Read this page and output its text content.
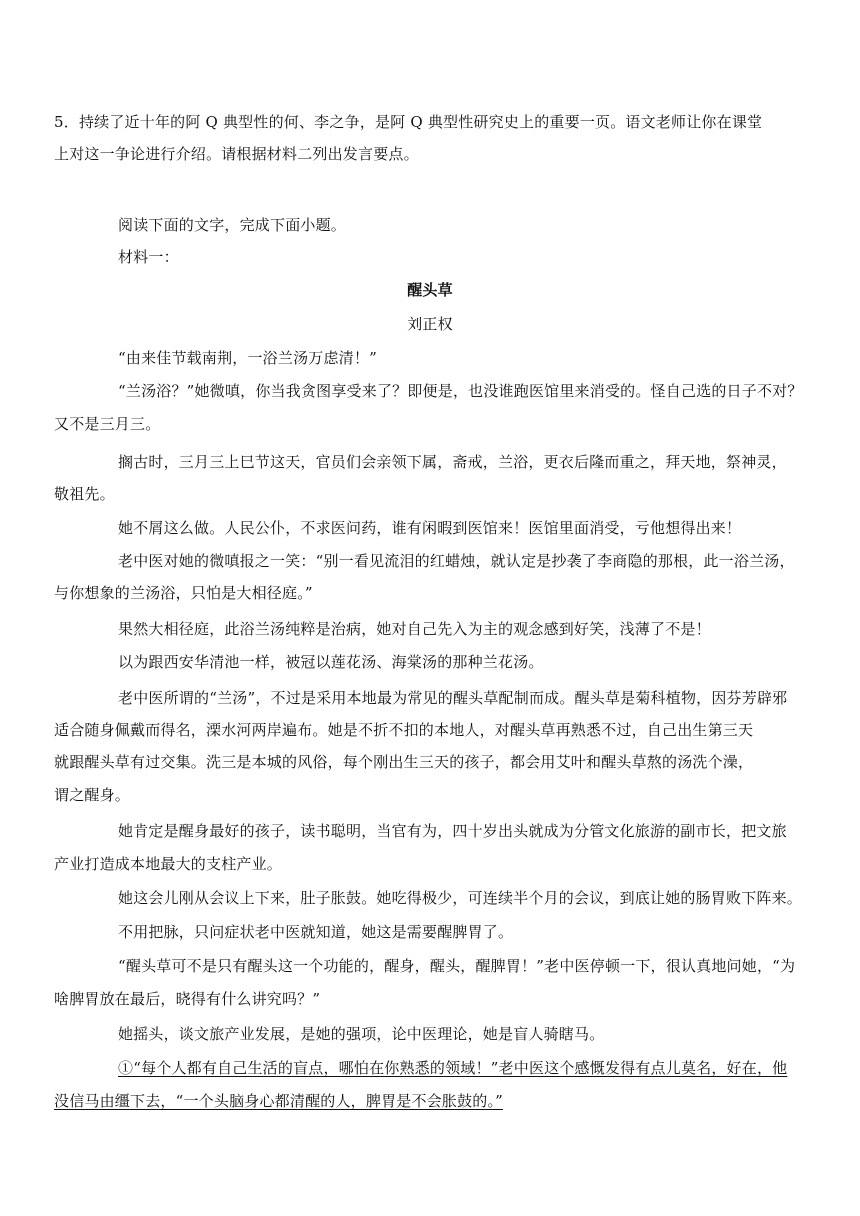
5．持续了近十年的阿 Q 典型性的何、李之争，是阿 Q 典型性研究史上的重要一页。语文老师让你在课堂
上对这一争论进行介绍。请根据材料二列出发言要点。
阅读下面的文字，完成下面小题。
材料一：
醒头草
刘正权
“由来佳节载南荆，一浴兰汤万虑清！”
“兰汤浴？”她微嗔，你当我贪图享受来了？即便是，也没谁跑医馆里来消受的。怪自己选的日子不对？
又不是三月三。
搁古时，三月三上巳节这天，官员们会亲领下属，斋戒，兰浴，更衣后隆而重之，拜天地，祭神灵，
敬祖先。
她不屑这么做。人民公仆，不求医问药，谁有闲暇到医馆来！医馆里面消受，亏他想得出来！
老中医对她的微嗔报之一笑：“别一看见流泪的红蜡烛，就认定是抄袭了李商隐的那根，此一浴兰汤，
与你想象的兰汤浴，只怕是大相径庭。”
果然大相径庭，此浴兰汤纯粹是治病，她对自己先入为主的观念感到好笑，浅薄了不是！
以为跟西安华清池一样，被冠以莲花汤、海棠汤的那种兰花汤。
老中医所谓的“兰汤”，不过是采用本地最为常见的醒头草配制而成。醒头草是菊科植物，因芬芳辟邪
适合随身佩戴而得名，溧水河两岸遍布。她是不折不扣的本地人，对醒头草再熟悉不过，自己出生第三天
就跟醒头草有过交集。洗三是本城的风俗，每个刚出生三天的孩子，都会用艾叶和醒头草熬的汤洗个澡，
谓之醒身。
她肯定是醒身最好的孩子，读书聪明，当官有为，四十岁出头就成为分管文化旅游的副市长，把文旅
产业打造成本地最大的支柱产业。
她这会儿刚从会议上下来，肚子胀鼓。她吃得极少，可连续半个月的会议，到底让她的肠胃败下阵来。
不用把脉，只问症状老中医就知道，她这是需要醒脾胃了。
“醒头草可不是只有醒头这一个功能的，醒身，醒头，醒脾胃！”老中医停顿一下，很认真地问她，“为
啥脾胃放在最后，晓得有什么讲究吗？”
她摇头，谈文旅产业发展，是她的强项，论中医理论，她是盲人骑瞎马。
①“每个人都有自己生活的盲点，哪怕在你熟悉的领域！”老中医这个感慨发得有点儿莫名，好在，他
没信马由缰下去，“一个头脑身心都清醒的人，脾胃是不会胀鼓的。”
